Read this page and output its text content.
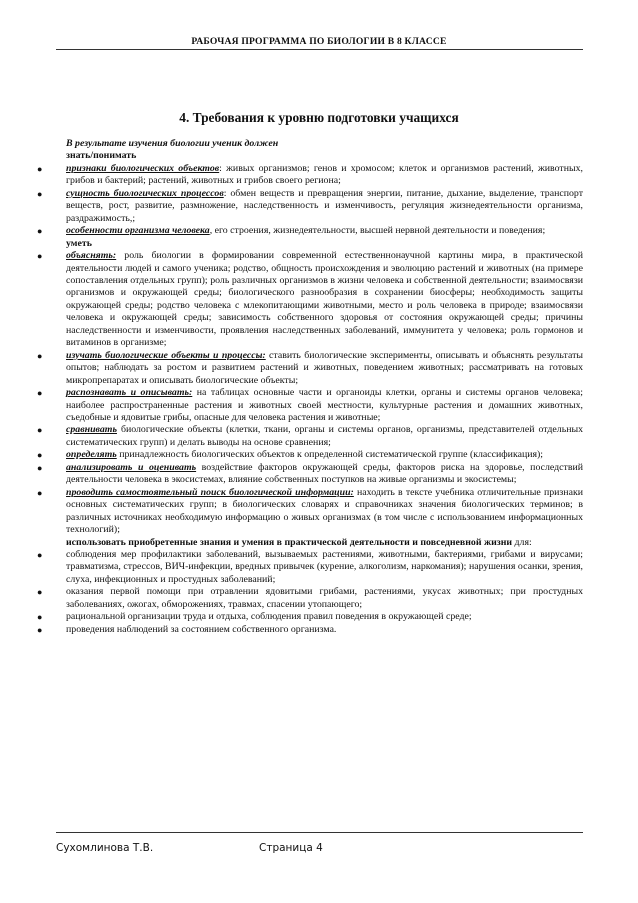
РАБОЧАЯ ПРОГРАММА ПО БИОЛОГИИ В 8 КЛАССЕ
4. Требования к уровню подготовки учащихся

В результате изучения биологии ученик должен

знать/понимать

● признаки биологических объектов: живых организмов; генов и хромосом; клеток и организмов растений, животных, грибов и бактерий; растений, животных и грибов своего региона;

● сущность биологических процессов: обмен веществ и превращения энергии, питание, дыхание, выделение, транспорт веществ, рост, развитие, размножение, наследственность и изменчивость, регуляция жизнедеятельности организма, раздражимость,;

● особенности организма человека, его строения, жизнедеятельности, высшей нервной деятельности и поведения;

уметь

● объяснять: роль биологии в формировании современной естественнонаучной картины мира, в практической деятельности людей и самого ученика; родство, общность происхождения и эволюцию растений и животных (на примере сопоставления отдельных групп); роль различных организмов в жизни человека и собственной деятельности; взаимосвязи организмов и окружающей среды; биологического разнообразия в сохранении биосферы; необходимость защиты окружающей среды; родство человека с млекопитающими животными, место и роль человека в природе; взаимосвязи человека и окружающей среды; зависимость собственного здоровья от состояния окружающей среды; причины наследственности и изменчивости, проявления наследственных заболеваний, иммунитета у человека; роль гормонов и витаминов в организме;

● изучать биологические объекты и процессы: ставить биологические эксперименты, описывать и объяснять результаты опытов; наблюдать за ростом и развитием растений и животных, поведением животных; рассматривать на готовых микропрепаратах и описывать биологические объекты;

● распознавать и описывать: на таблицах основные части и органоиды клетки, органы и системы органов человека; наиболее распространенные растения и животных своей местности, культурные растения и домашних животных, съедобные и ядовитые грибы, опасные для человека растения и животные;

● сравнивать биологические объекты (клетки, ткани, органы и системы органов, организмы, представителей отдельных систематических групп) и делать выводы на основе сравнения;

● определять принадлежность биологических объектов к определенной систематической группе (классификация);

● анализировать и оценивать воздействие факторов окружающей среды, факторов риска на здоровье, последствий деятельности человека в экосистемах, влияние собственных поступков на живые организмы и экосистемы;

● проводить самостоятельный поиск биологической информации: находить в тексте учебника отличительные признаки основных систематических групп; в биологических словарях и справочниках значения биологических терминов; в различных источниках необходимую информацию о живых организмах (в том числе с использованием информационных технологий);

использовать приобретенные знания и умения в практической деятельности и повседневной жизни для:

● соблюдения мер профилактики заболеваний, вызываемых растениями, животными, бактериями, грибами и вирусами; травматизма, стрессов, ВИЧ-инфекции, вредных привычек (курение, алкоголизм, наркомания); нарушения осанки, зрения, слуха, инфекционных и простудных заболеваний;

● оказания первой помощи при отравлении ядовитыми грибами, растениями, укусах животных; при простудных заболеваниях, ожогах, обморожениях, травмах, спасении утопающего;

● рациональной организации труда и отдыха, соблюдения правил поведения в окружающей среде;

● проведения наблюдений за состоянием собственного организма.

Сухомлинова Т.В.	Страница 4
